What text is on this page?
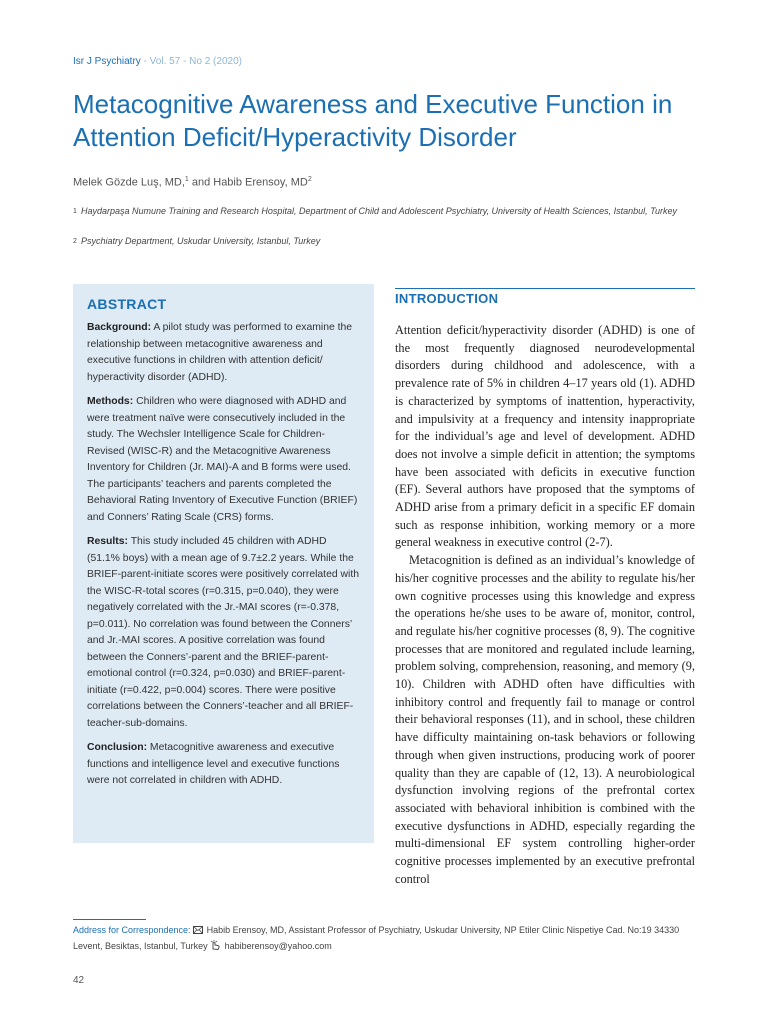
Isr J Psychiatry - Vol. 57 - No 2 (2020)
Metacognitive Awareness and Executive Function in Attention Deficit/Hyperactivity Disorder
Melek Gözde Luş, MD,$^1$ and Habib Erensoy, $MD^2$
1 Haydarpaşa Numune Training and Research Hospital, Department of Child and Adolescent Psychiatry, University of Health Sciences, Istanbul, Turkey
2 Psychiatry Department, Uskudar University, Istanbul, Turkey
ABSTRACT

Background: A pilot study was performed to examine the relationship between metacognitive awareness and executive functions in children with attention deficit/ hyperactivity disorder (ADHD).

Methods: Children who were diagnosed with ADHD and were treatment naïve were consecutively included in the study. The Wechsler Intelligence Scale for Children-Revised (WISC-R) and the Metacognitive Awareness Inventory for Children (Jr. MAI)-A and B forms were used. The participants’ teachers and parents completed the Behavioral Rating Inventory of Executive Function (BRIEF) and Conners’ Rating Scale (CRS) forms.

Results: This study included 45 children with ADHD (51.1% boys) with a mean age of 9.7±2.2 years. While the BRIEF-parent-initiate scores were positively correlated with the WISC-R-total scores (r=0.315, p=0.040), they were negatively correlated with the Jr.-MAI scores (r=-0.378, p=0.011). No correlation was found between the Conners’ and Jr.-MAI scores. A positive correlation was found between the Conners’-parent and the BRIEF-parent-emotional control (r=0.324, p=0.030) and BRIEF-parent-initiate (r=0.422, p=0.004) scores. There were positive correlations between the Conners’-teacher and all BRIEF-teacher-sub-domains.

Conclusion: Metacognitive awareness and executive functions and intelligence level and executive functions were not correlated in children with ADHD.

INTRODUCTION

Attention deficit/hyperactivity disorder (ADHD) is one of the most frequently diagnosed neurodevelopmental disorders during childhood and adolescence, with a prevalence rate of 5% in children 4–17 years old (1). ADHD is characterized by symptoms of inattention, hyperactivity, and impulsivity at a frequency and intensity inappropriate for the individual’s age and level of development. ADHD does not involve a simple deficit in attention; the symptoms have been associated with deficits in executive function (EF). Several authors have proposed that the symptoms of ADHD arise from a primary deficit in a specific EF domain such as response inhibition, working memory or a more general weakness in executive control (2-7).

Metacognition is defined as an individual’s knowledge of his/her cognitive processes and the ability to regulate his/her own cognitive processes using this knowledge and express the operations he/she uses to be aware of, monitor, control, and regulate his/her cognitive processes (8, 9). The cognitive processes that are monitored and regulated include learning, problem solving, comprehension, reasoning, and memory (9, 10). Children with ADHD often have difficulties with inhibitory control and frequently fail to manage or control their behavioral responses (11), and in school, these children have difficulty maintaining on-task behaviors or following through when given instructions, producing work of poorer quality than they are capable of (12, 13). A neurobiological dysfunction involving regions of the prefrontal cortex associated with behavioral inhibition is combined with the executive dysfunctions in ADHD, especially regarding the multi-dimensional EF system controlling higher-order cognitive processes implemented by an executive prefrontal control

Address for Correspondence:  Habib Erensoy, MD, Assistant Professor of Psychiatry, Uskudar University, NP Etiler Clinic Nispetiye Cad. No:19 34330 Levent, Besiktas, Istanbul, Turkey  habiberensoy@yahoo.com
42
